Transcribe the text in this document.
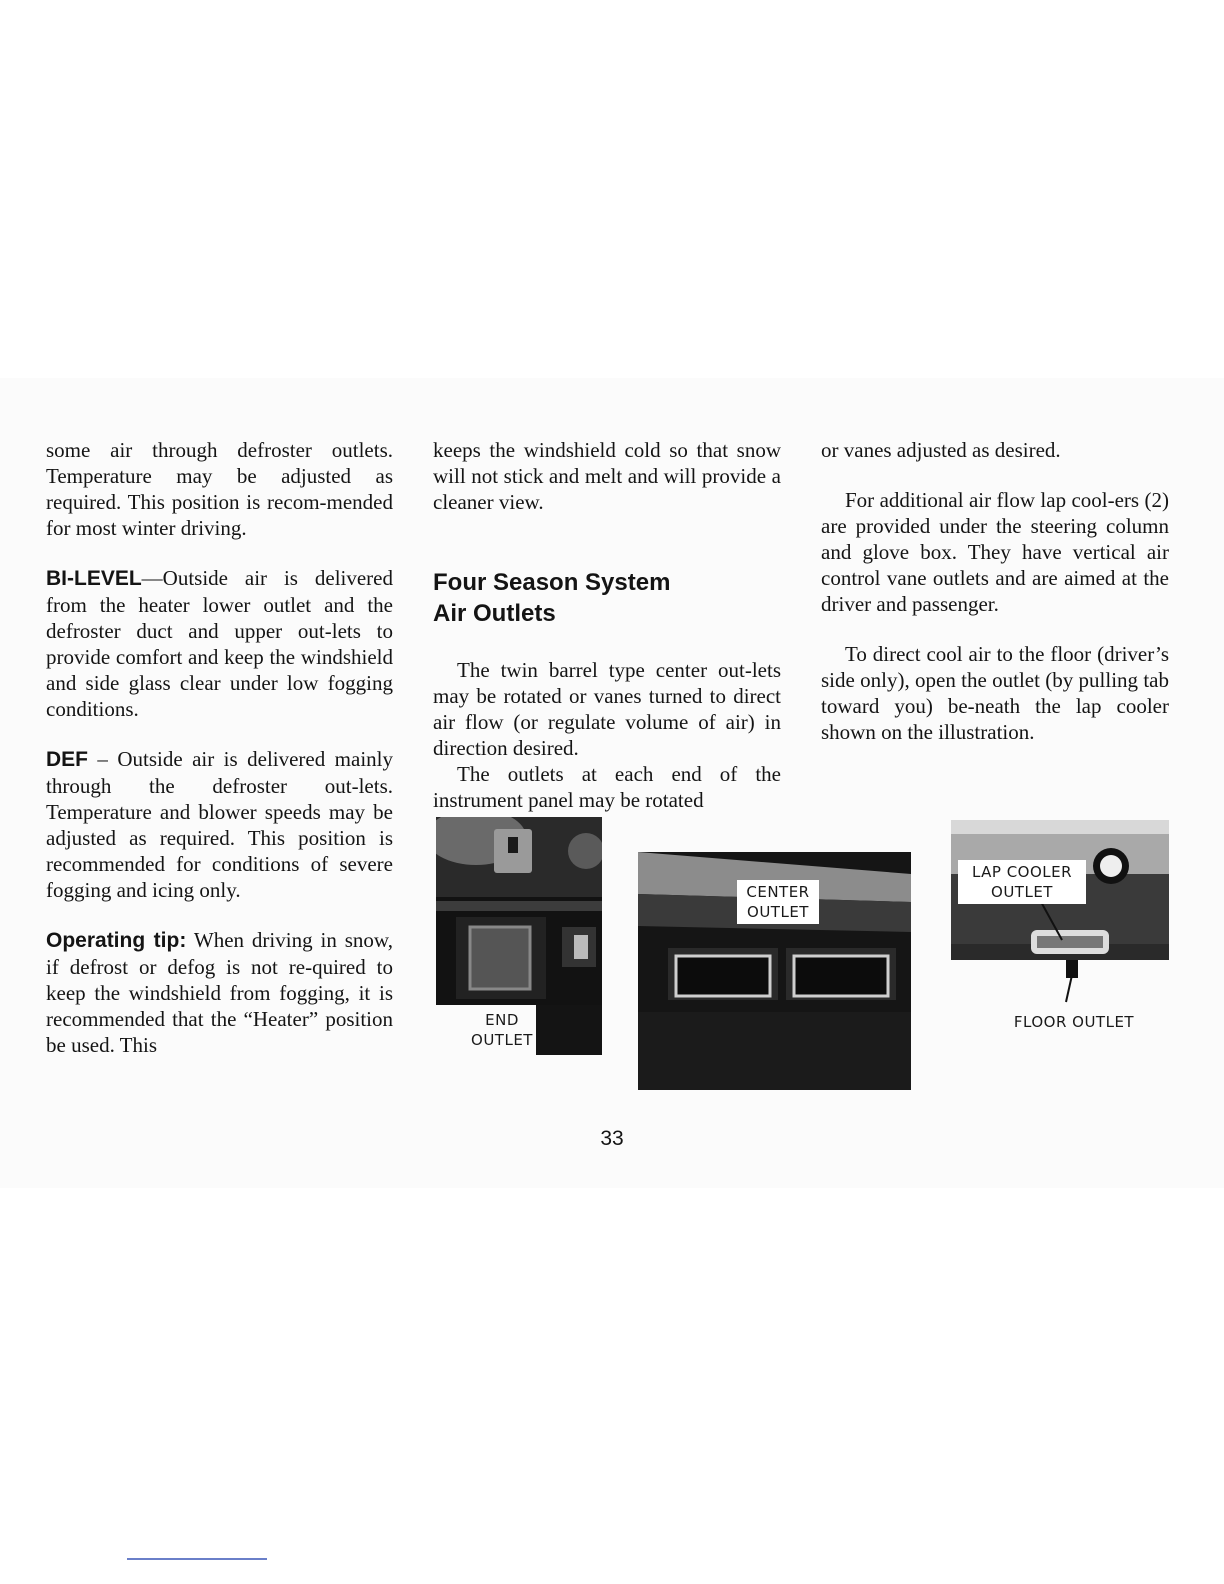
some air through defroster outlets. Temperature may be adjusted as required. This position is recom-mended for most winter driving.

BI-LEVEL—Outside air is delivered from the heater lower outlet and the defroster duct and upper out-lets to provide comfort and keep the windshield and side glass clear under low fogging conditions.

DEF – Outside air is delivered mainly through the defroster out-lets. Temperature and blower speeds may be adjusted as required. This position is recommended for conditions of severe fogging and icing only.

Operating tip: When driving in snow, if defrost or defog is not re-quired to keep the windshield from fogging, it is recommended that the “Heater” position be used. This

keeps the windshield cold so that snow will not stick and melt and will provide a cleaner view.

Four Season System
Air Outlets

The twin barrel type center out-lets may be rotated or vanes turned to direct air flow (or regulate volume of air) in direction desired.

The outlets at each end of the instrument panel may be rotated

or vanes adjusted as desired.

For additional air flow lap cool-ers (2) are provided under the steering column and glove box. They have vertical air control vane outlets and are aimed at the driver and passenger.

To direct cool air to the floor (driver’s side only), open the outlet (by pulling tab toward you) be-neath the lap cooler shown on the illustration.

END
OUTLET
CENTER
OUTLET
LAP COOLER
OUTLET
FLOOR OUTLET
33
